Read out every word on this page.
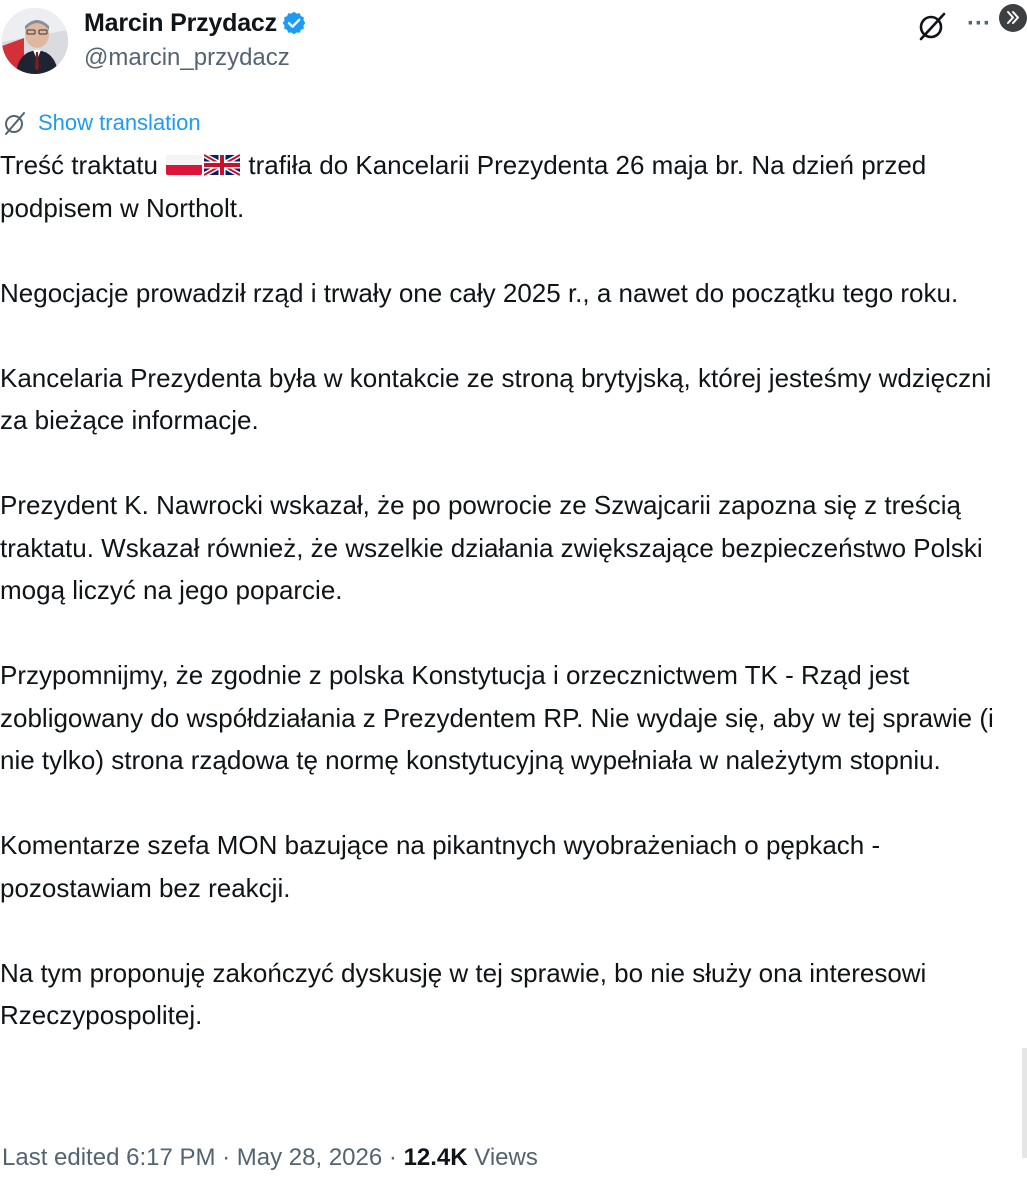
Marcin Przydacz
@marcin_przydacz
···
Show translation

Treść traktatu	trafiła do Kancelarii Prezydenta 26 maja br. Na dzień przed podpisem w Northolt.

Negocjacje prowadził rząd i trwały one cały 2025 r., a nawet do początku tego roku.

Kancelaria Prezydenta była w kontakcie ze stroną brytyjską, której jesteśmy wdzięczni za bieżące informacje.

Prezydent K. Nawrocki wskazał, że po powrocie ze Szwajcarii zapozna się z treścią traktatu. Wskazał również, że wszelkie działania zwiększające bezpieczeństwo Polski mogą liczyć na jego poparcie.

Przypomnijmy, że zgodnie z polska Konstytucja i orzecznictwem TK - Rząd jest zobligowany do współdziałania z Prezydentem RP. Nie wydaje się, aby w tej sprawie (i nie tylko) strona rządowa tę normę konstytucyjną wypełniała w należytym stopniu.

Komentarze szefa MON bazujące na pikantnych wyobrażeniach o pępkach -  pozostawiam bez reakcji.

Na tym proponuję zakończyć dyskusję w tej sprawie, bo nie służy ona interesowi Rzeczypospolitej.

Last edited 6:17 PM · May 28, 2026 · 12.4K Views
